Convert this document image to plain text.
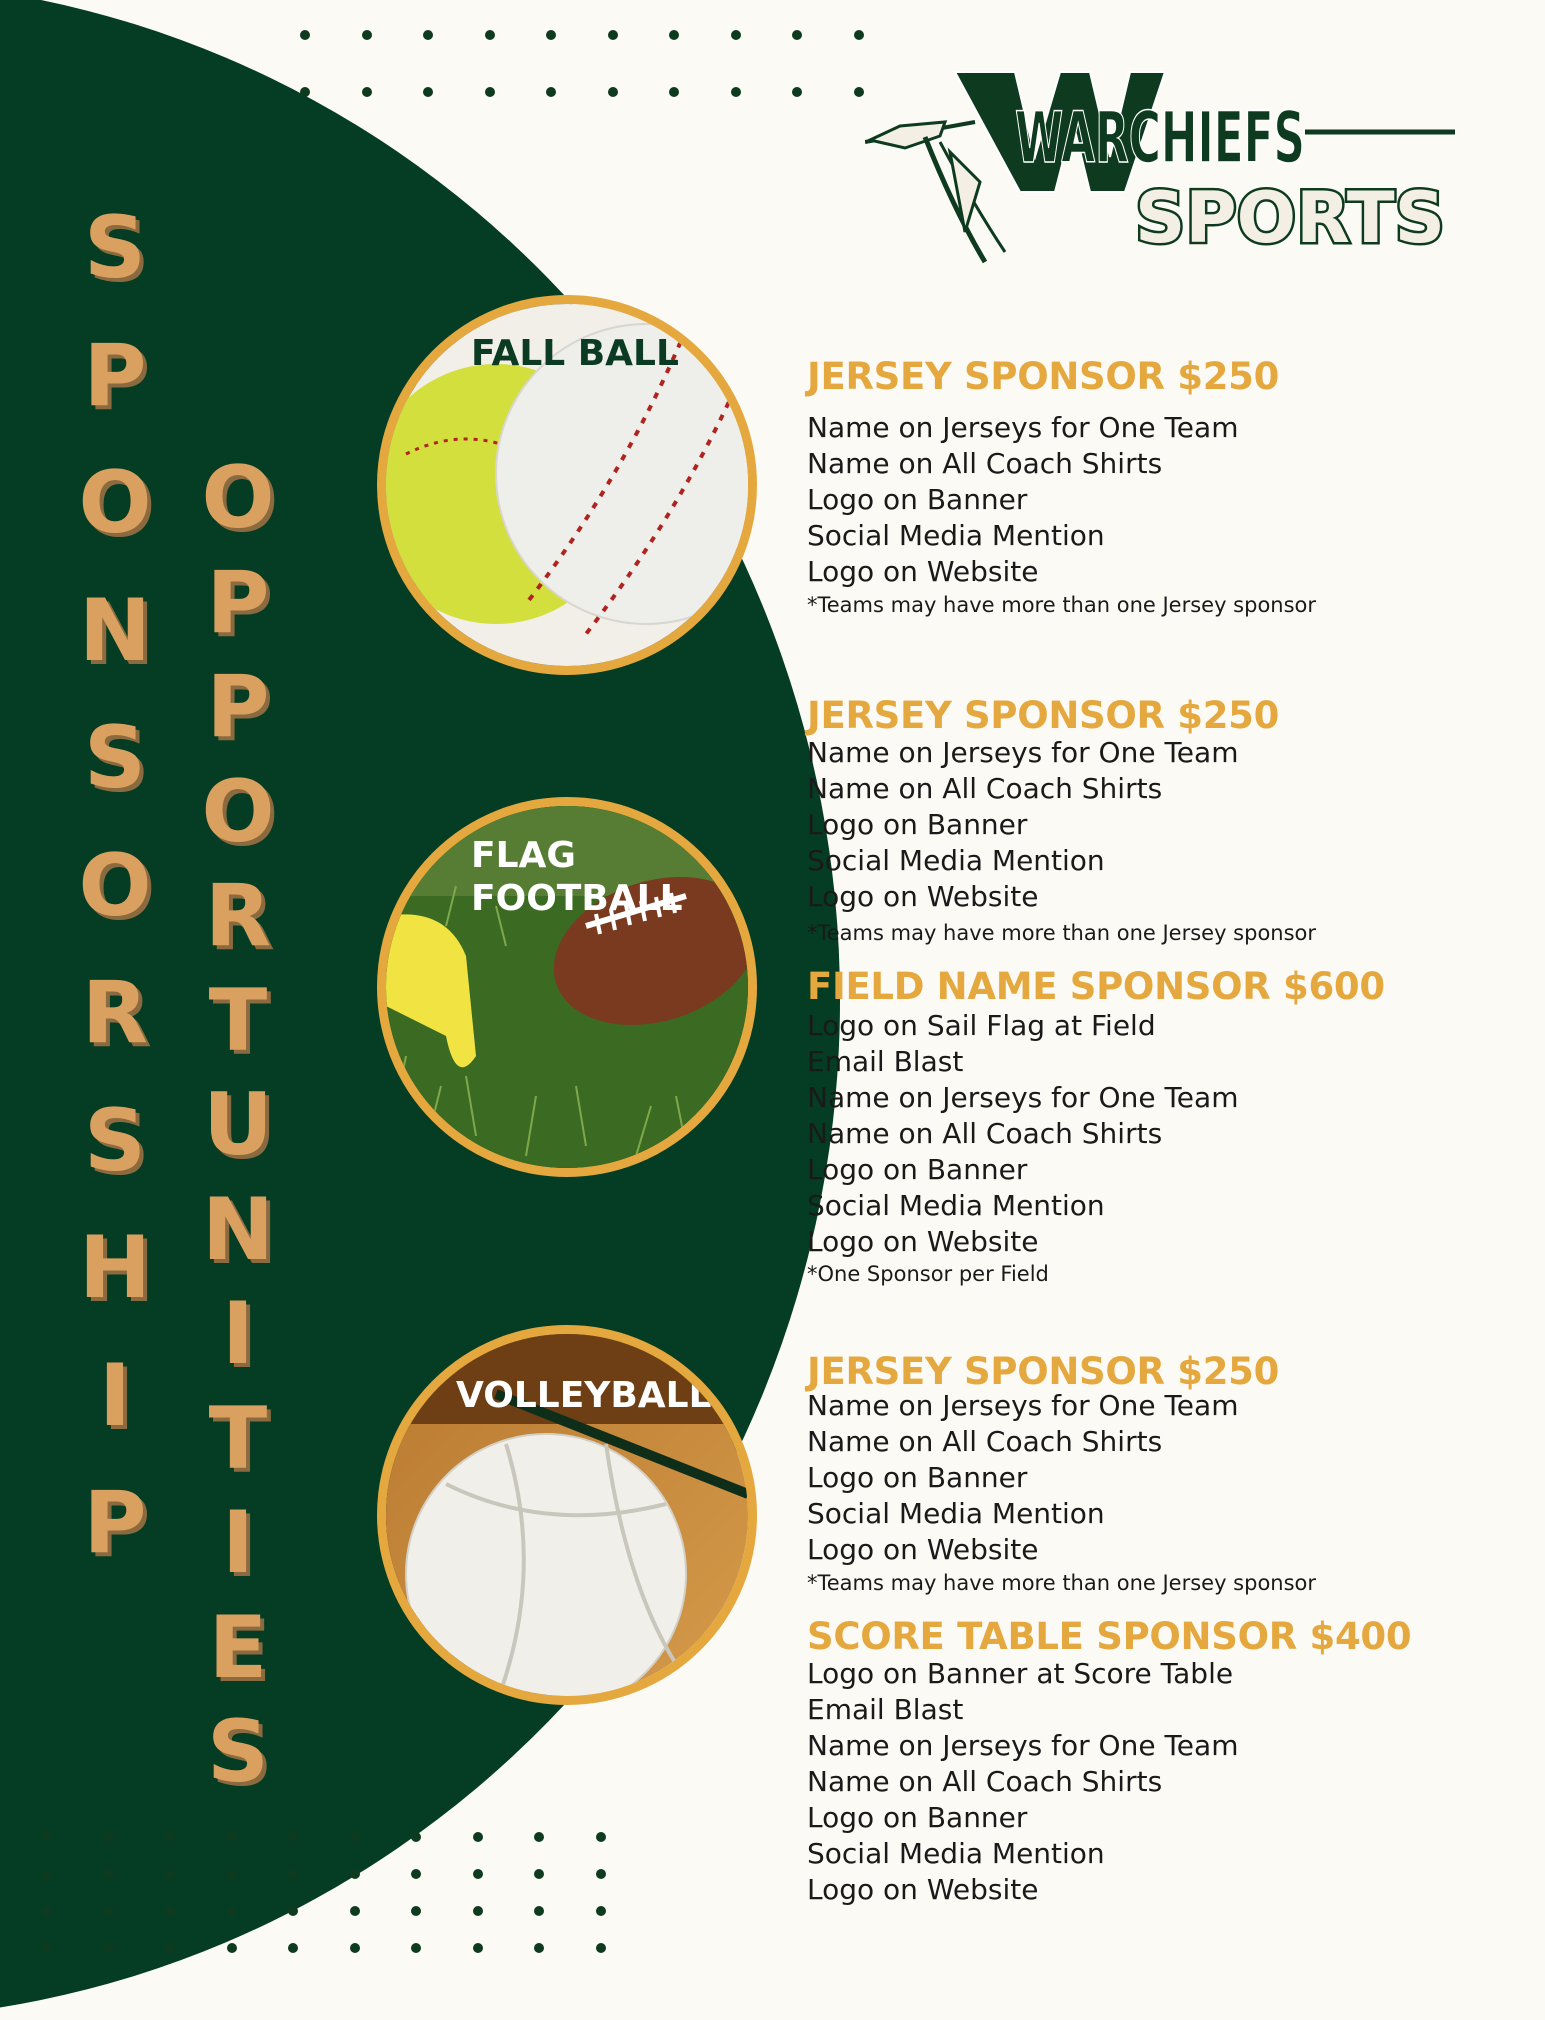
S
P
O
N
S
O
R
S
H
I
P
O
P
P
O
R
T
U
N
I
T
I
E
S
WARCHIEFS
SPORTS

FALL BALL

FLAG
FOOTBALL

VOLLEYBALL

JERSEY SPONSOR $250
Name on Jerseys for One Team
Name on All Coach Shirts
Logo on Banner
Social Media Mention
Logo on Website

*Teams may have more than one Jersey sponsor

JERSEY SPONSOR $250
Name on Jerseys for One Team
Name on All Coach Shirts
Logo on Banner
Social Media Mention
Logo on Website

*Teams may have more than one Jersey sponsor

FIELD NAME SPONSOR $600
Logo on Sail Flag at Field
Email Blast
Name on Jerseys for One Team
Name on All Coach Shirts
Logo on Banner
Social Media Mention
Logo on Website

*One Sponsor per Field

JERSEY SPONSOR $250
Name on Jerseys for One Team
Name on All Coach Shirts
Logo on Banner
Social Media Mention
Logo on Website

*Teams may have more than one Jersey sponsor

SCORE TABLE SPONSOR $400
Logo on Banner at Score Table
Email Blast
Name on Jerseys for One Team
Name on All Coach Shirts
Logo on Banner
Social Media Mention
Logo on Website
